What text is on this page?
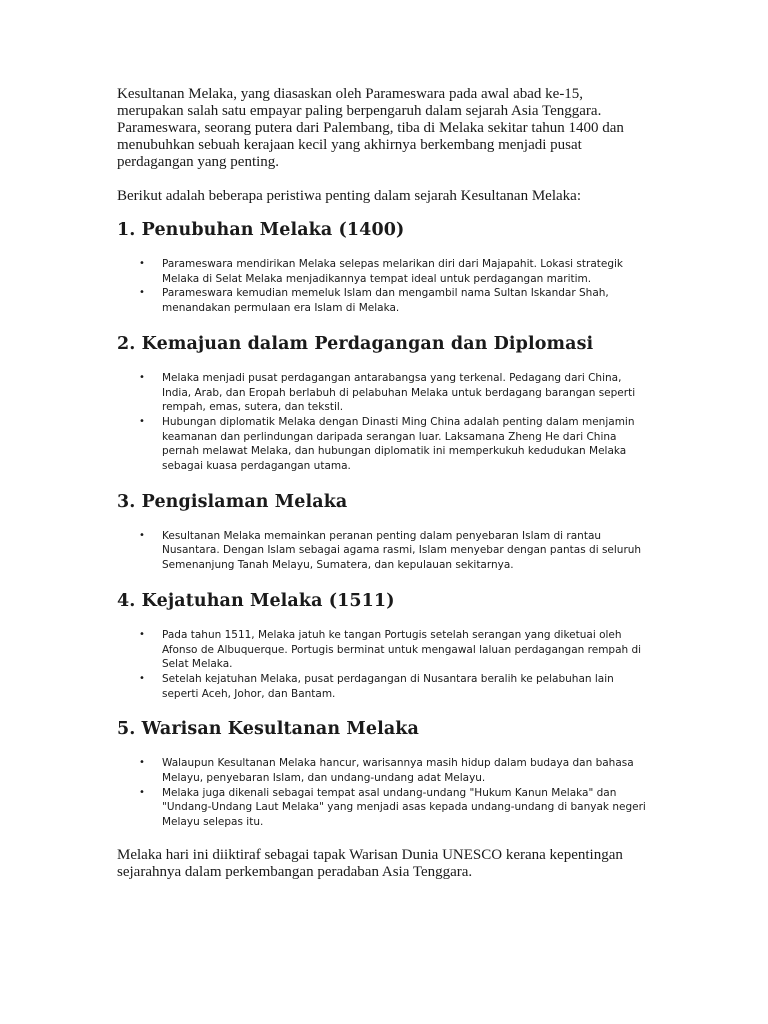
Kesultanan Melaka, yang diasaskan oleh Parameswara pada awal abad ke-15, merupakan salah satu empayar paling berpengaruh dalam sejarah Asia Tenggara. Parameswara, seorang putera dari Palembang, tiba di Melaka sekitar tahun 1400 dan menubuhkan sebuah kerajaan kecil yang akhirnya berkembang menjadi pusat perdagangan yang penting.

Berikut adalah beberapa peristiwa penting dalam sejarah Kesultanan Melaka:

1. Penubuhan Melaka (1400)
• Parameswara mendirikan Melaka selepas melarikan diri dari Majapahit. Lokasi strategik Melaka di Selat Melaka menjadikannya tempat ideal untuk perdagangan maritim.
• Parameswara kemudian memeluk Islam dan mengambil nama Sultan Iskandar Shah, menandakan permulaan era Islam di Melaka.
2. Kemajuan dalam Perdagangan dan Diplomasi
• Melaka menjadi pusat perdagangan antarabangsa yang terkenal. Pedagang dari China, India, Arab, dan Eropah berlabuh di pelabuhan Melaka untuk berdagang barangan seperti rempah, emas, sutera, dan tekstil.
• Hubungan diplomatik Melaka dengan Dinasti Ming China adalah penting dalam menjamin keamanan dan perlindungan daripada serangan luar. Laksamana Zheng He dari China pernah melawat Melaka, dan hubungan diplomatik ini memperkukuh kedudukan Melaka sebagai kuasa perdagangan utama.
3. Pengislaman Melaka
• Kesultanan Melaka memainkan peranan penting dalam penyebaran Islam di rantau Nusantara. Dengan Islam sebagai agama rasmi, Islam menyebar dengan pantas di seluruh Semenanjung Tanah Melayu, Sumatera, dan kepulauan sekitarnya.
4. Kejatuhan Melaka (1511)
• Pada tahun 1511, Melaka jatuh ke tangan Portugis setelah serangan yang diketuai oleh Afonso de Albuquerque. Portugis berminat untuk mengawal laluan perdagangan rempah di Selat Melaka.
• Setelah kejatuhan Melaka, pusat perdagangan di Nusantara beralih ke pelabuhan lain seperti Aceh, Johor, dan Bantam.
5. Warisan Kesultanan Melaka
• Walaupun Kesultanan Melaka hancur, warisannya masih hidup dalam budaya dan bahasa Melayu, penyebaran Islam, dan undang-undang adat Melayu.
• Melaka juga dikenali sebagai tempat asal undang-undang "Hukum Kanun Melaka" dan "Undang-Undang Laut Melaka" yang menjadi asas kepada undang-undang di banyak negeri Melayu selepas itu.

Melaka hari ini diiktiraf sebagai tapak Warisan Dunia UNESCO kerana kepentingan sejarahnya dalam perkembangan peradaban Asia Tenggara.
